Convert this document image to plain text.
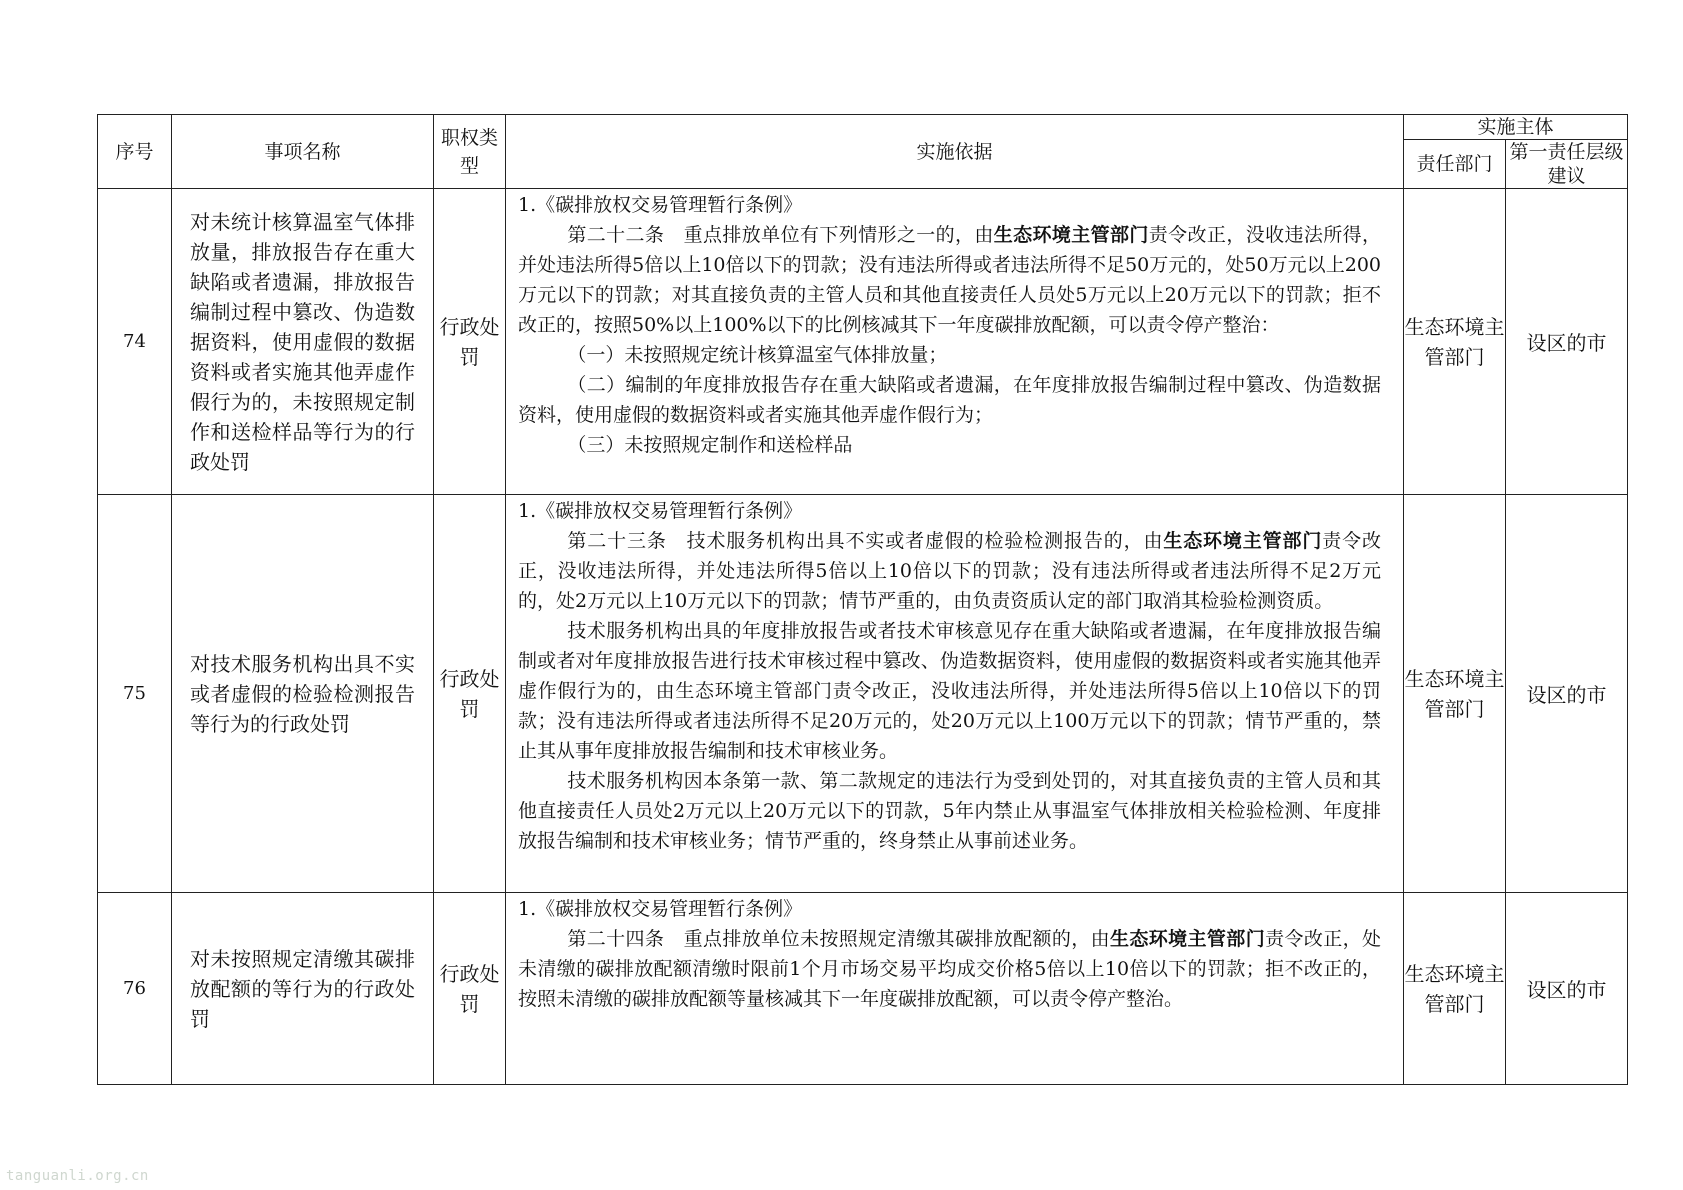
序号	事项名称	职权类型	实施依据	实施主体	
				责任部门	第一责任层级建议
74	对未统计核算温室气体排放量，排放报告存在重大缺陷或者遗漏，排放报告编制过程中篡改、伪造数据资料，使用虚假的数据资料或者实施其他弄虚作假行为的，未按照规定制作和送检样品等行为的行政处罚	行政处罚	1.《碳排放权交易管理暂行条例》

第二十二条　重点排放单位有下列情形之一的，由生态环境主管部门责令改正，没收违法所得，并处违法所得5倍以上10倍以下的罚款；没有违法所得或者违法所得不足50万元的，处50万元以上200万元以下的罚款；对其直接负责的主管人员和其他直接责任人员处5万元以上20万元以下的罚款；拒不改正的，按照50%以上100%以下的比例核减其下一年度碳排放配额，可以责令停产整治：

（一）未按照规定统计核算温室气体排放量；

（二）编制的年度排放报告存在重大缺陷或者遗漏，在年度排放报告编制过程中篡改、伪造数据资料，使用虚假的数据资料或者实施其他弄虚作假行为；

（三）未按照规定制作和送检样品	生态环境主管部门	设区的市
75	对技术服务机构出具不实或者虚假的检验检测报告等行为的行政处罚	行政处罚	1.《碳排放权交易管理暂行条例》

第二十三条　技术服务机构出具不实或者虚假的检验检测报告的，由生态环境主管部门责令改正，没收违法所得，并处违法所得5倍以上10倍以下的罚款；没有违法所得或者违法所得不足2万元的，处2万元以上10万元以下的罚款；情节严重的，由负责资质认定的部门取消其检验检测资质。

技术服务机构出具的年度排放报告或者技术审核意见存在重大缺陷或者遗漏，在年度排放报告编制或者对年度排放报告进行技术审核过程中篡改、伪造数据资料，使用虚假的数据资料或者实施其他弄虚作假行为的，由生态环境主管部门责令改正，没收违法所得，并处违法所得5倍以上10倍以下的罚款；没有违法所得或者违法所得不足20万元的，处20万元以上100万元以下的罚款；情节严重的，禁止其从事年度排放报告编制和技术审核业务。

技术服务机构因本条第一款、第二款规定的违法行为受到处罚的，对其直接负责的主管人员和其他直接责任人员处2万元以上20万元以下的罚款，5年内禁止从事温室气体排放相关检验检测、年度排放报告编制和技术审核业务；情节严重的，终身禁止从事前述业务。	生态环境主管部门	设区的市
76	对未按照规定清缴其碳排放配额的等行为的行政处罚	行政处罚	1.《碳排放权交易管理暂行条例》

第二十四条　重点排放单位未按照规定清缴其碳排放配额的，由生态环境主管部门责令改正，处未清缴的碳排放配额清缴时限前1个月市场交易平均成交价格5倍以上10倍以下的罚款；拒不改正的，按照未清缴的碳排放配额等量核减其下一年度碳排放配额，可以责令停产整治。	生态环境主管部门	设区的市
tanguanli.org.cn
